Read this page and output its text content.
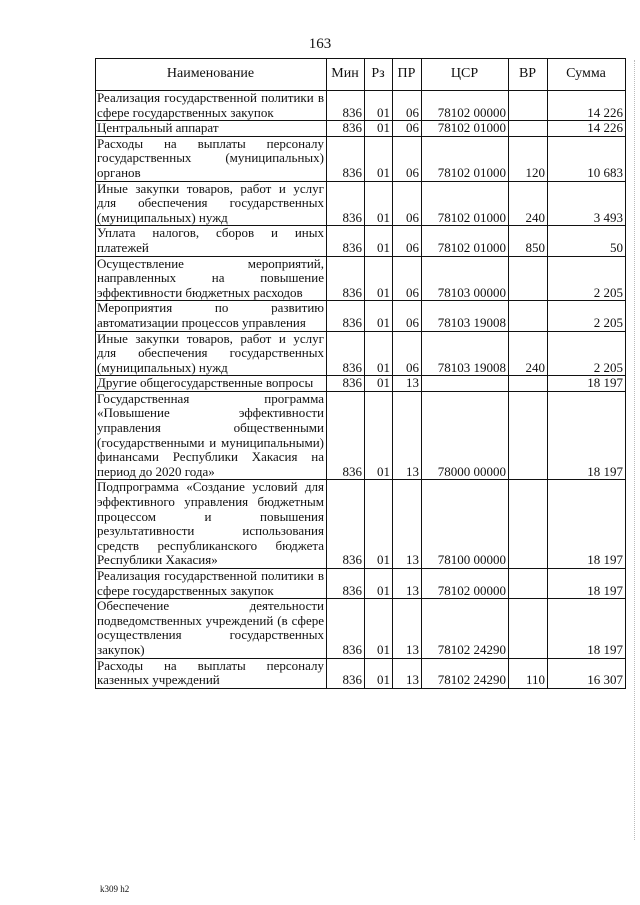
163
Наименование	Мин	Рз	ПР	ЦСР	ВР	Сумма
Реализация государственной политики в сфере государственных закупок	836	01	06	78102 00000		14 226
Центральный аппарат	836	01	06	78102 01000		14 226
Расходы на выплаты персоналу государственных (муниципальных) органов	836	01	06	78102 01000	120	10 683
Иные закупки товаров, работ и услуг для обеспечения государственных (муниципальных) нужд	836	01	06	78102 01000	240	3 493
Уплата налогов, сборов и иных платежей	836	01	06	78102 01000	850	50
Осуществление мероприятий, направленных на повышение эффективности бюджетных расходов	836	01	06	78103 00000		2 205
Мероприятия по развитию автоматизации процессов управления	836	01	06	78103 19008		2 205
Иные закупки товаров, работ и услуг для обеспечения государственных (муниципальных) нужд	836	01	06	78103 19008	240	2 205
Другие общегосударственные вопросы	836	01	13			18 197
Государственная программа «Повышение эффективности управления общественными (государственными и муниципальными) финансами Республики Хакасия на период до 2020 года»	836	01	13	78000 00000		18 197
Подпрограмма «Создание условий для эффективного управления бюджетным процессом и повышения результативности использования средств республиканского бюджета Республики Хакасия»	836	01	13	78100 00000		18 197
Реализация государственной политики в сфере государственных закупок	836	01	13	78102 00000		18 197
Обеспечение деятельности подведомственных учреждений (в сфере осуществления государственных закупок)	836	01	13	78102 24290		18 197
Расходы на выплаты персоналу казенных учреждений	836	01	13	78102 24290	110	16 307
k309 h2
